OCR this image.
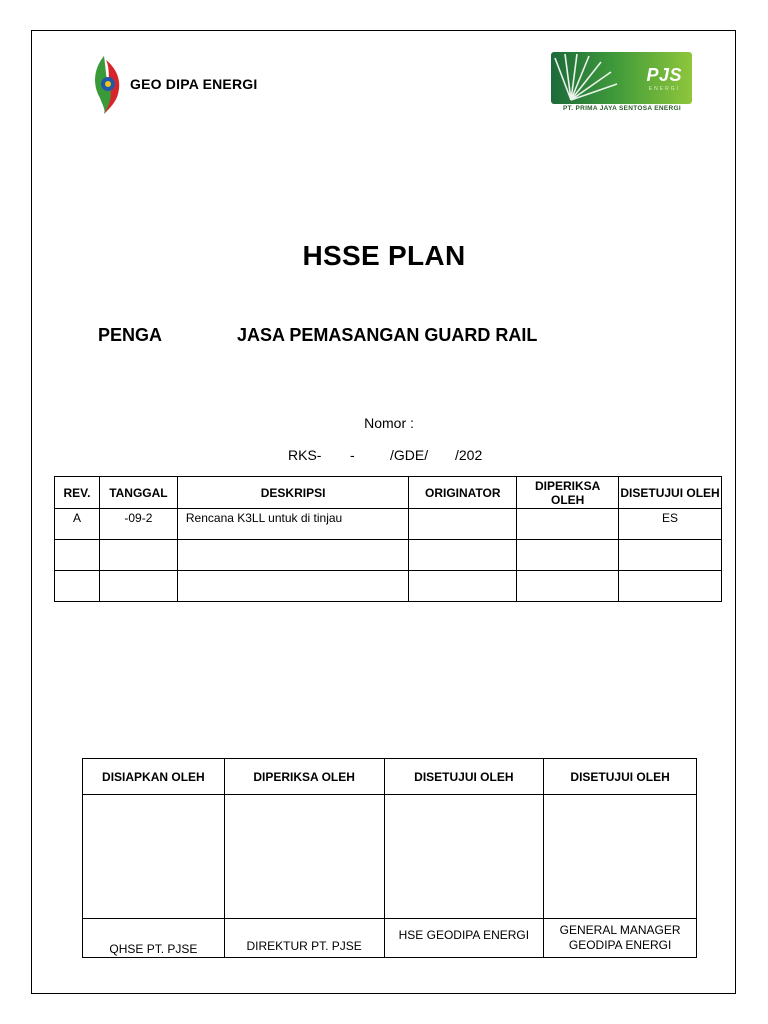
GEO DIPA ENERGI	PJS
ENERGI
PT. PRIMA JAYA SENTOSA ENERGI
HSSE PLAN
PENGA	JASA PEMASANGAN GUARD RAIL
Nomor :
RKS- -	/GDE/ /202
REV.	TANGGAL	DESKRIPSI	ORIGINATOR	DIPERIKSA OLEH	DISETUJUI OLEH
A	-09-2	Rencana K3LL untuk di tinjau			ES

DISIAPKAN OLEH	DIPERIKSA OLEH	DISETUJUI OLEH	DISETUJUI OLEH

QHSE PT. PJSE	DIREKTUR PT. PJSE	HSE GEODIPA ENERGI	GENERAL MANAGER GEODIPA ENERGI
